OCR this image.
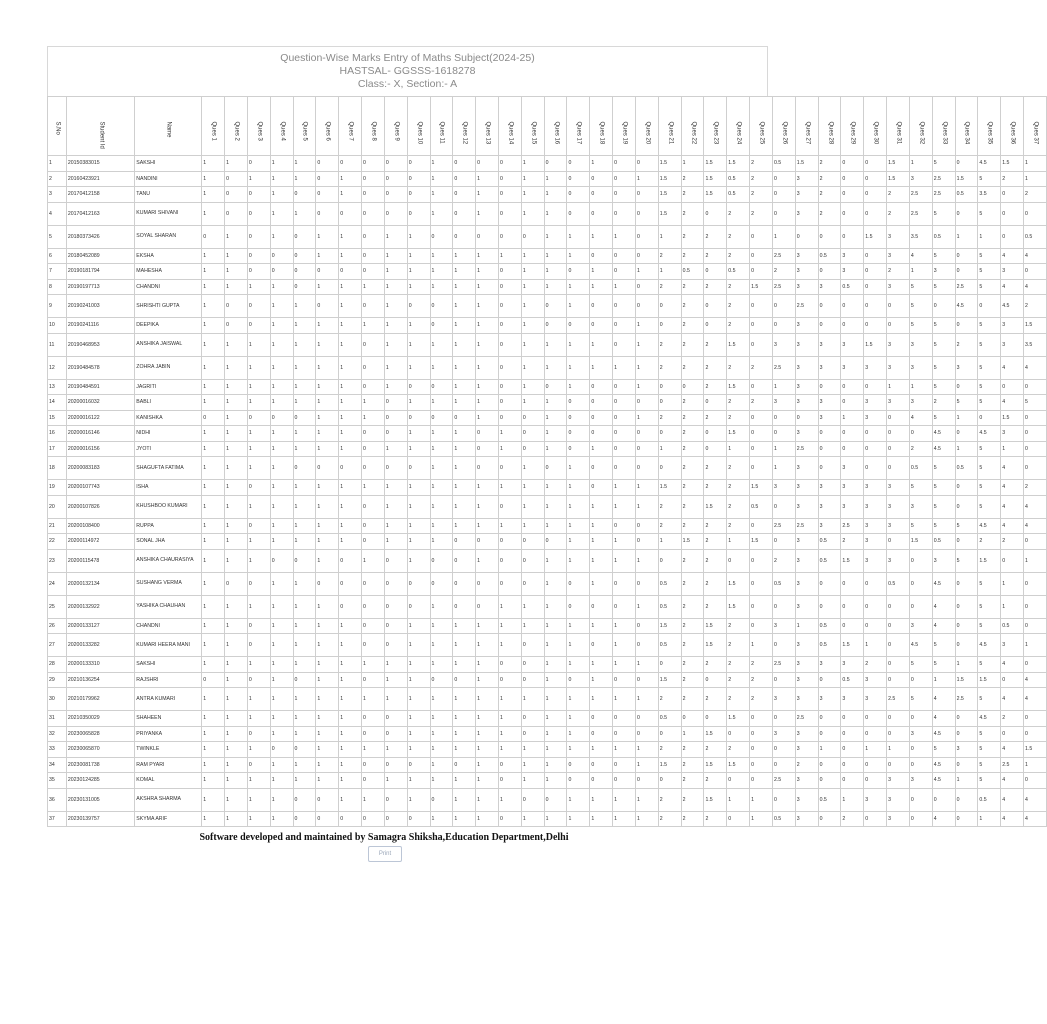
Question-Wise Marks Entry of Maths Subject(2024-25)
HASTSAL- GGSSS-1618278
Class:- X, Section:- A
S.No	Student Id	Name	Ques 1	Ques 2	Ques 3	Ques 4	Ques 5	Ques 6	Ques 7	Ques 8	Ques 9	Ques 10	Ques 11	Ques 12	Ques 13	Ques 14	Ques 15	Ques 16	Ques 17	Ques 18	Ques 19	Ques 20	Ques 21	Ques 22	Ques 23	Ques 24	Ques 25	Ques 26	Ques 27	Ques 28	Ques 29	Ques 30	Ques 31	Ques 32	Ques 33	Ques 34	Ques 35	Ques 36	Ques 37

1	20150383015	SAKSHI	1	1	0	1	1	0	0	0	0	0	1	0	0	0	1	0	0	1	0	0	1.5	1	1.5	1.5	2	0.5	1.5	2	0	0	1.5	1	5	0	4.5	1.5	1
2	20160423921	NANDINI	1	0	1	1	1	0	1	0	0	0	1	0	1	0	1	1	0	0	0	1	1.5	2	1.5	0.5	2	0	3	2	0	0	1.5	3	2.5	1.5	5	2	1
3	20170412158	TANU	1	0	0	1	0	0	1	0	0	0	1	0	1	0	1	1	0	0	0	0	1.5	2	1.5	0.5	2	0	3	2	0	0	2	2.5	2.5	0.5	3.5	0	2
4	20170412163	KUMARI SHIVANI	1	0	0	1	1	0	0	0	0	0	1	0	1	0	1	1	0	0	0	0	1.5	2	0	2	2	0	3	2	0	0	2	2.5	5	0	5	0	0
5	20180373426	SOYAL SHARAN	0	1	0	1	0	1	1	0	1	1	0	0	0	0	0	1	1	1	1	0	1	2	2	2	0	1	0	0	0	1.5	3	3.5	0.5	1	1	0	0.5
6	20180452089	EKSHA	1	1	0	0	0	1	1	0	1	1	1	1	1	1	1	1	1	0	0	0	2	2	2	2	0	2.5	3	0.5	3	0	3	4	5	0	5	4	4
7	20190181794	MAHESHA	1	1	0	0	0	0	0	0	1	1	1	1	1	0	1	1	0	1	0	1	1	0.5	0	0.5	0	2	3	0	3	0	2	1	3	0	5	3	0
8	20190197713	CHANDNI	1	1	1	1	0	1	1	1	1	1	1	1	1	0	1	1	1	1	1	0	2	2	2	2	1.5	2.5	3	3	0.5	0	3	5	5	2.5	5	4	4
9	20190241003	SHRISHTI GUPTA	1	0	0	1	1	0	1	0	1	0	0	1	1	0	1	0	1	0	0	0	0	2	0	2	0	0	2.5	0	0	0	0	5	0	4.5	0	4.5	2
10	20190241116	DEEPIKA	1	0	0	1	1	1	1	1	1	1	0	1	1	0	1	0	0	0	0	1	0	2	0	2	0	0	3	0	0	0	0	5	5	0	5	3	1.5
11	20190468953	ANSHIKA JAISWAL	1	1	1	1	1	1	1	0	1	1	1	1	1	0	1	1	1	1	0	1	2	2	2	1.5	0	3	3	3	3	1.5	3	3	5	2	5	3	3.5
12	20190484578	ZOHRA JABIN	1	1	1	1	1	1	1	0	1	1	1	1	1	0	1	1	1	1	1	1	2	2	2	2	2	2.5	3	3	3	3	3	3	5	3	5	4	4
13	20190484591	JAGRITI	1	1	1	1	1	1	1	0	1	0	0	1	1	0	1	0	1	0	0	1	0	0	2	1.5	0	1	3	0	0	0	1	1	5	0	5	0	0
14	20200016032	BABLI	1	1	1	1	1	1	1	1	0	1	1	1	1	0	1	1	0	0	0	0	0	2	0	2	2	3	3	3	0	3	3	3	2	5	5	4	5
15	20200016122	KANISHKA	0	1	0	0	0	1	1	1	0	0	0	0	1	0	0	1	0	0	0	1	2	2	2	2	0	0	0	3	1	3	0	4	5	1	0	1.5	0
16	20200016146	NIDHI	1	1	1	1	1	1	1	0	0	1	1	1	0	1	0	1	0	0	0	0	0	2	0	1.5	0	0	3	0	0	0	0	0	4.5	0	4.5	3	0
17	20200016156	JYOTI	1	1	1	1	1	1	1	0	1	1	1	1	0	1	0	1	0	1	0	0	1	2	0	1	0	1	2.5	0	0	0	0	2	4.5	1	5	1	0
18	20200083183	SHAGUFTA FATIMA	1	1	1	1	0	0	0	0	0	0	1	1	0	0	1	0	1	0	0	0	0	2	2	2	0	1	3	0	3	0	0	0.5	5	0.5	5	4	0
19	20200107743	ISHA	1	1	0	1	1	1	1	1	1	1	1	1	1	1	1	1	1	0	1	1	1.5	2	2	2	1.5	3	3	3	3	3	3	5	5	0	5	4	2
20	20200107826	KHUSHBOO KUMARI	1	1	1	1	1	1	1	0	1	1	1	1	1	0	1	1	1	1	1	1	2	2	1.5	2	0.5	0	3	3	3	3	3	3	5	0	5	4	4
21	20200108400	RUPPA	1	1	0	1	1	1	1	0	1	1	1	1	1	1	1	1	1	1	0	0	2	2	2	2	0	2.5	2.5	3	2.5	3	3	5	5	5	4.5	4	4
22	20200114972	SONAL JHA	1	1	1	1	1	1	1	0	1	1	1	0	0	0	0	0	1	1	1	0	1	1.5	2	1	1.5	0	3	0.5	2	3	0	1.5	0.5	0	2	2	0
23	20200115478	ANSHIKA CHAURASIYA	1	1	1	0	0	1	0	1	0	1	0	0	1	0	0	1	1	1	1	1	0	2	2	0	0	2	3	0.5	1.5	3	3	0	3	5	1.5	0	1
24	20200132134	SUSHANG VERMA	1	0	0	1	1	0	0	0	0	0	0	0	0	0	0	1	0	1	0	0	0.5	2	2	1.5	0	0.5	3	0	0	0	0.5	0	4.5	0	5	1	0
25	20200132922	YASHIKA CHAUHAN	1	1	1	1	1	1	0	0	0	0	1	0	0	1	1	1	0	0	0	1	0.5	2	2	1.5	0	0	3	0	0	0	0	0	4	0	5	1	0
26	20200133127	CHANDNI	1	1	0	1	1	1	1	0	0	1	1	1	1	1	1	1	1	1	1	0	1.5	2	1.5	2	0	3	1	0.5	0	0	0	3	4	0	5	0.5	0
27	20200133282	KUMARI HEERA MANI	1	1	0	1	1	1	1	0	0	1	1	1	1	1	0	1	1	0	1	0	0.5	2	1.5	2	1	0	3	0.5	1.5	1	0	4.5	5	0	4.5	3	1
28	20200133310	SAKSHI	1	1	1	1	1	1	1	1	1	1	1	1	1	0	0	1	1	1	1	1	0	2	2	2	2	2.5	3	3	3	2	0	5	5	1	5	4	0
29	20210136254	RAJSHRI	0	1	0	1	0	1	1	0	1	1	0	0	1	0	0	1	0	1	0	0	1.5	2	0	2	2	0	3	0	0.5	3	0	0	1	1.5	1.5	0	4
30	20210179962	ANTRA KUMARI	1	1	1	1	1	1	1	1	1	1	1	1	1	1	1	1	1	1	1	1	2	2	2	2	2	3	3	3	3	3	2.5	5	4	2.5	5	4	4
31	20210350029	SHAHEEN	1	1	1	1	1	1	1	0	0	1	1	1	1	1	0	1	1	0	0	0	0.5	0	0	1.5	0	0	2.5	0	0	0	0	0	4	0	4.5	2	0
32	20230065828	PRIYANKA	1	1	0	1	1	1	1	0	0	1	1	1	1	1	0	1	1	0	0	0	0	1	1.5	0	0	3	3	0	0	0	0	3	4.5	0	5	0	0
33	20230065870	TWINKLE	1	1	1	0	0	1	1	1	1	1	1	1	1	1	1	1	1	1	1	1	2	2	2	2	0	0	3	1	0	1	1	0	5	3	5	4	1.5
34	20230081738	RAM PYARI	1	1	0	1	1	1	1	0	0	0	1	0	1	0	1	1	0	0	0	1	1.5	2	1.5	1.5	0	0	2	0	0	0	0	0	4.5	0	5	2.5	1
35	20230124285	KOMAL	1	1	1	1	1	1	1	0	1	1	1	1	1	0	1	1	0	0	0	0	0	2	2	0	0	2.5	3	0	0	0	3	3	4.5	1	5	4	0
36	20230131005	AKSHRA SHARMA	1	1	1	1	0	0	1	1	0	1	0	1	1	1	0	0	1	1	1	1	2	2	1.5	1	1	0	3	0.5	1	3	3	0	0	0	0.5	4	4
37	20230139757	SKYMA ARIF	1	1	1	1	0	0	0	0	0	0	1	1	1	0	1	1	1	1	1	1	2	2	2	0	1	0.5	3	0	2	0	3	0	4	0	1	4	4
Software developed and maintained by Samagra Shiksha,Education Department,Delhi
Print
